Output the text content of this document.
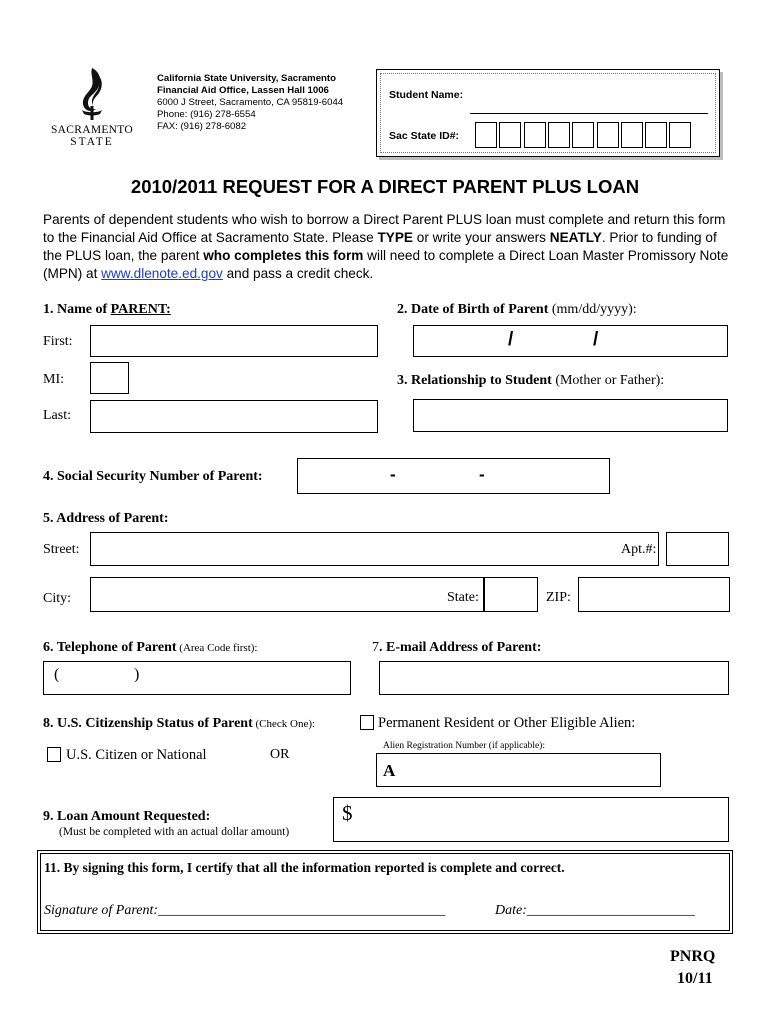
SACRAMENTO
STATE
California State University, Sacramento
Financial Aid Office, Lassen Hall 1006
6000 J Street, Sacramento, CA 95819-6044
Phone: (916) 278-6554
FAX: (916) 278-6082
Student Name:
Sac State ID#:
2010/2011 REQUEST FOR A DIRECT PARENT PLUS LOAN
Parents of dependent students who wish to borrow a Direct Parent PLUS loan must complete and return this form to the Financial Aid Office at Sacramento State. Please TYPE or write your answers NEATLY. Prior to funding of the PLUS loan, the parent who completes this form will need to complete a Direct Loan Master Promissory Note (MPN) at www.dlenote.ed.gov and pass a credit check.
1. Name of PARENT:
First:
MI:
Last:
2. Date of Birth of Parent (mm/dd/yyyy):
/	/
3. Relationship to Student (Mother or Father):
4. Social Security Number of Parent:	-	-
5. Address of Parent:
Street:	Apt.#:
City:	State:	ZIP:
6. Telephone of Parent (Area Code first):
(	)
7. E-mail Address of Parent:
8. U.S. Citizenship Status of Parent (Check One):	Permanent Resident or Other Eligible Alien:
Alien Registration Number (if applicable):
A
U.S. Citizen or National	OR
9. Loan Amount Requested:
(Must be completed with an actual dollar amount)
$
11. By signing this form, I certify that all the information reported is complete and correct.
Signature of Parent:_________________________________________	Date:________________________
PNRQ
10/11
